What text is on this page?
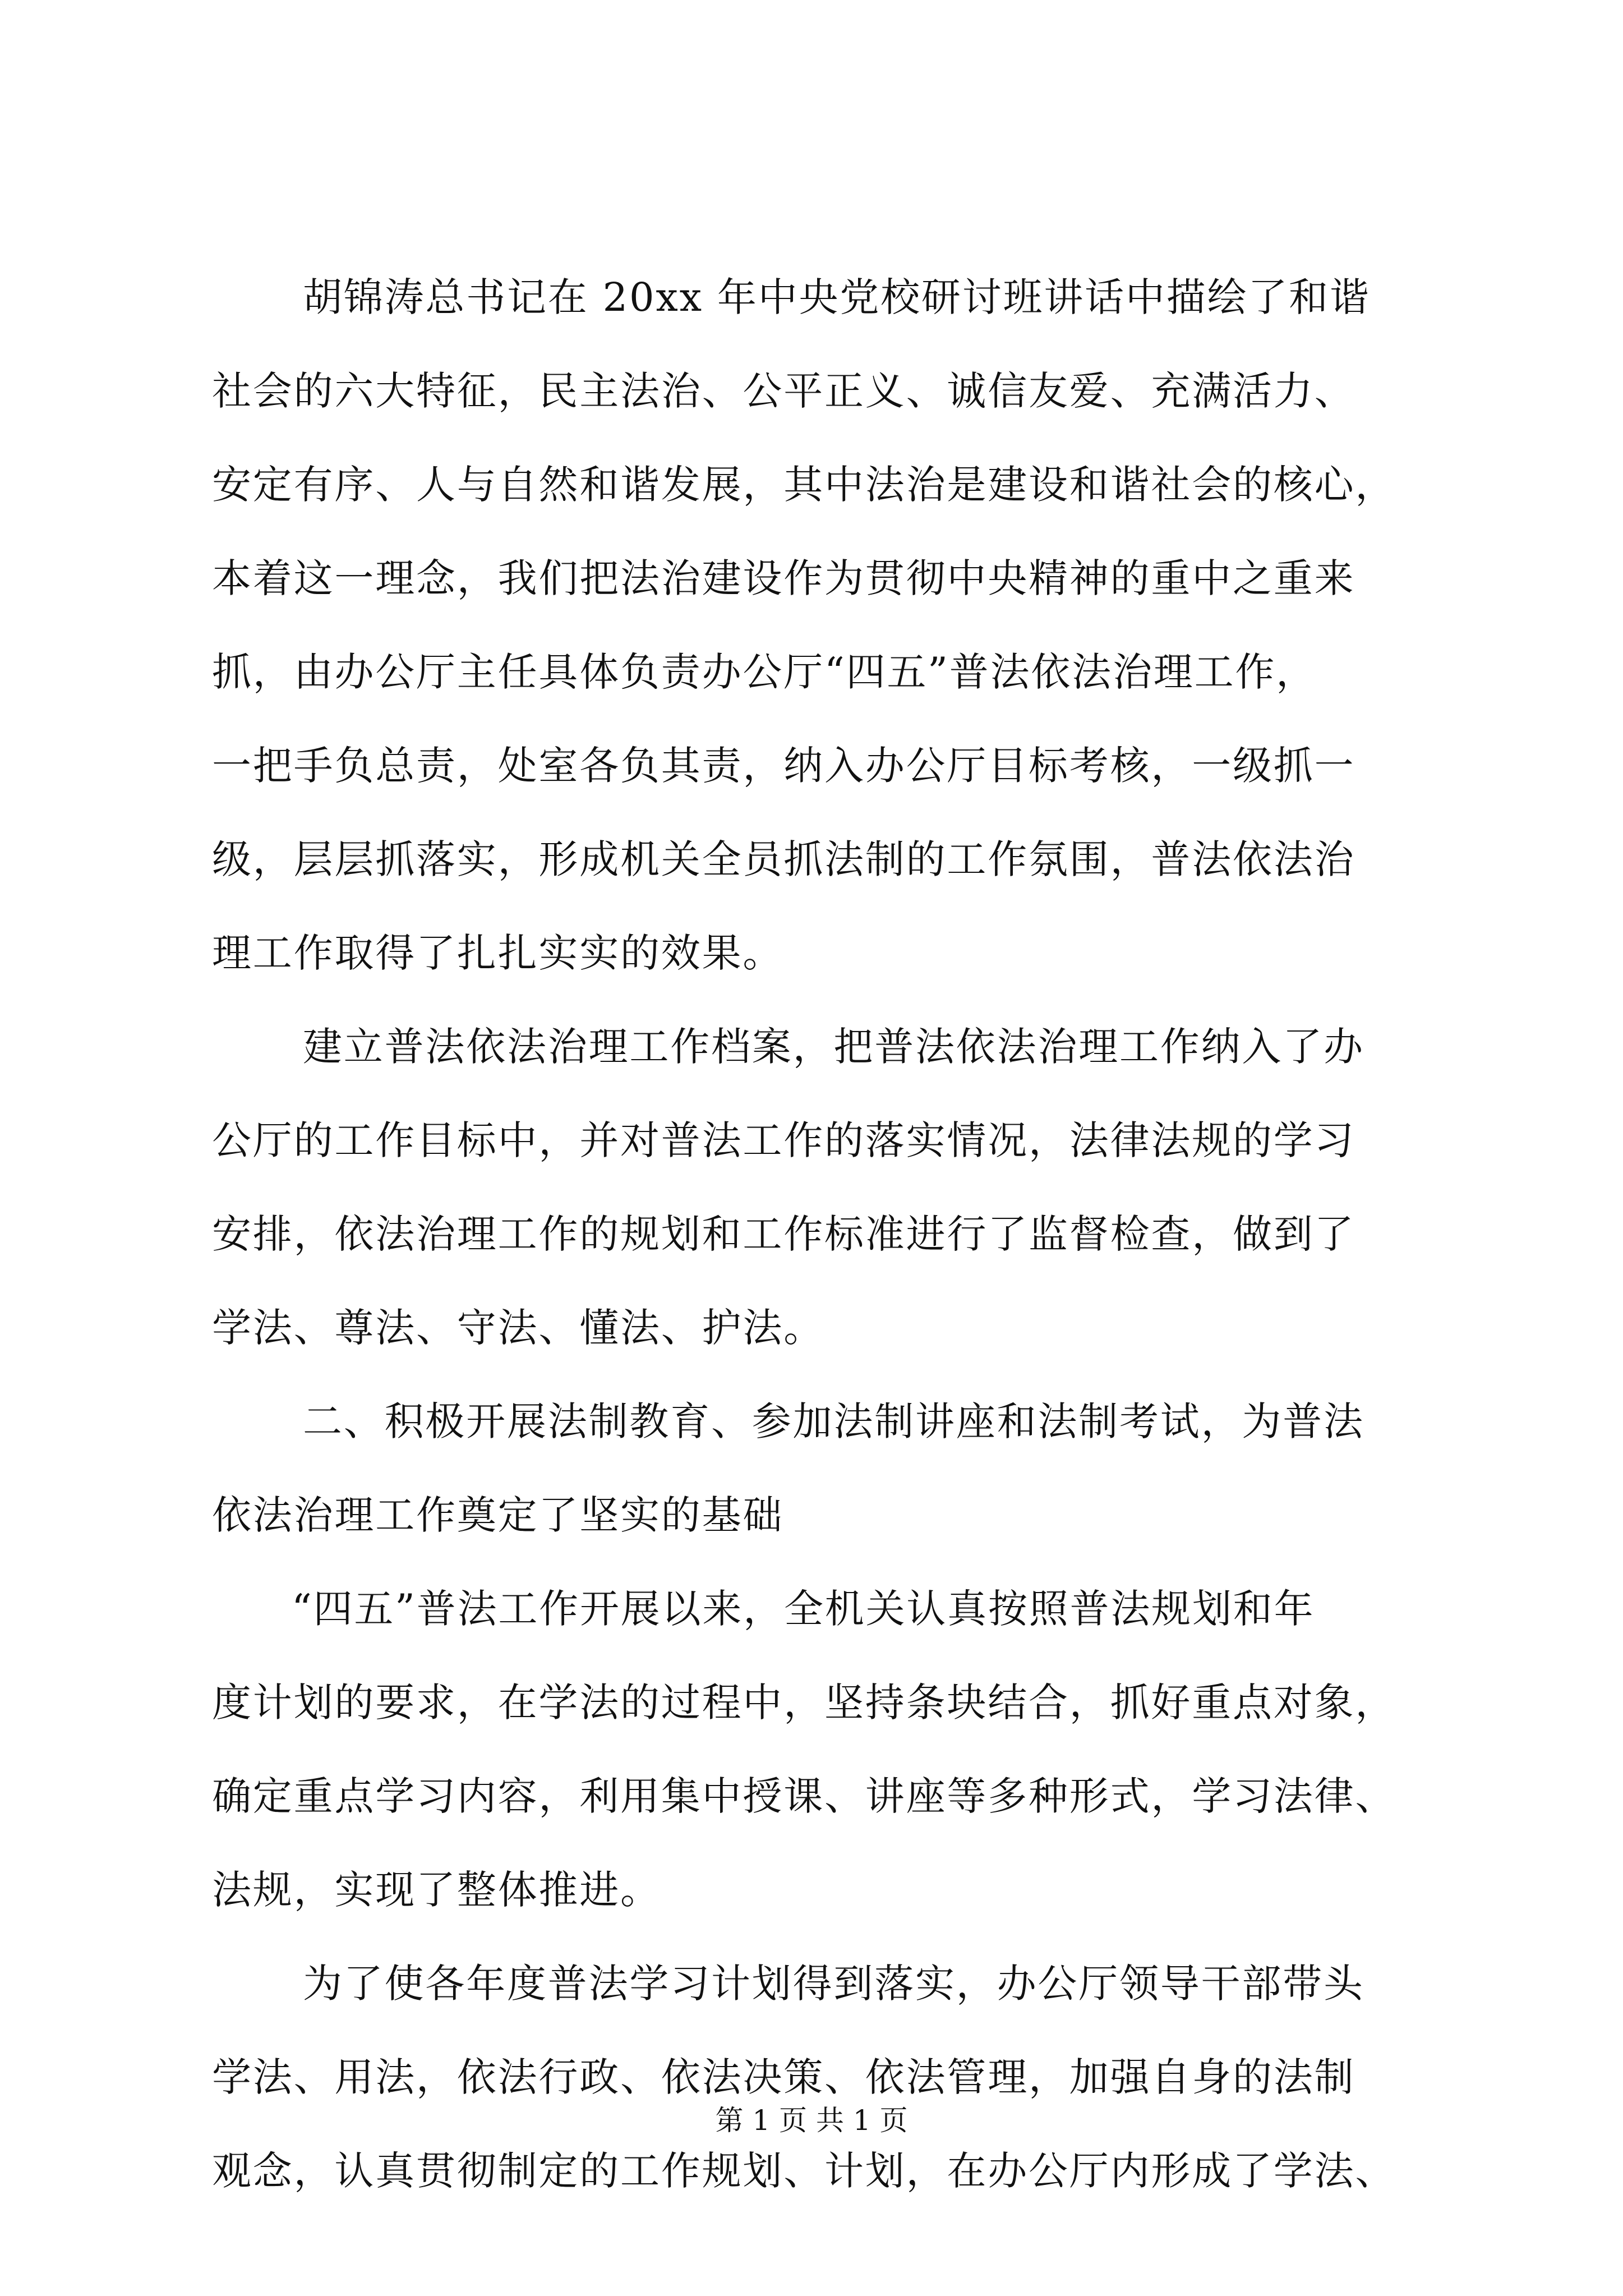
胡锦涛总书记在 20xx 年中央党校研讨班讲话中描绘了和谐

社会的六大特征，民主法治、公平正义、诚信友爱、充满活力、

安定有序、人与自然和谐发展，其中法治是建设和谐社会的核心，

本着这一理念，我们把法治建设作为贯彻中央精神的重中之重来

抓，由办公厅主任具体负责办公厅“四五”普法依法治理工作，

一把手负总责，处室各负其责，纳入办公厅目标考核，一级抓一

级，层层抓落实，形成机关全员抓法制的工作氛围，普法依法治

理工作取得了扎扎实实的效果。

建立普法依法治理工作档案，把普法依法治理工作纳入了办

公厅的工作目标中，并对普法工作的落实情况，法律法规的学习

安排，依法治理工作的规划和工作标准进行了监督检查，做到了

学法、尊法、守法、懂法、护法。

二、积极开展法制教育、参加法制讲座和法制考试，为普法

依法治理工作奠定了坚实的基础

“四五”普法工作开展以来，全机关认真按照普法规划和年

度计划的要求，在学法的过程中，坚持条块结合，抓好重点对象，

确定重点学习内容，利用集中授课、讲座等多种形式，学习法律、

法规，实现了整体推进。

为了使各年度普法学习计划得到落实，办公厅领导干部带头

学法、用法，依法行政、依法决策、依法管理，加强自身的法制

观念，认真贯彻制定的工作规划、计划，在办公厅内形成了学法、

第 1 页 共 1 页
